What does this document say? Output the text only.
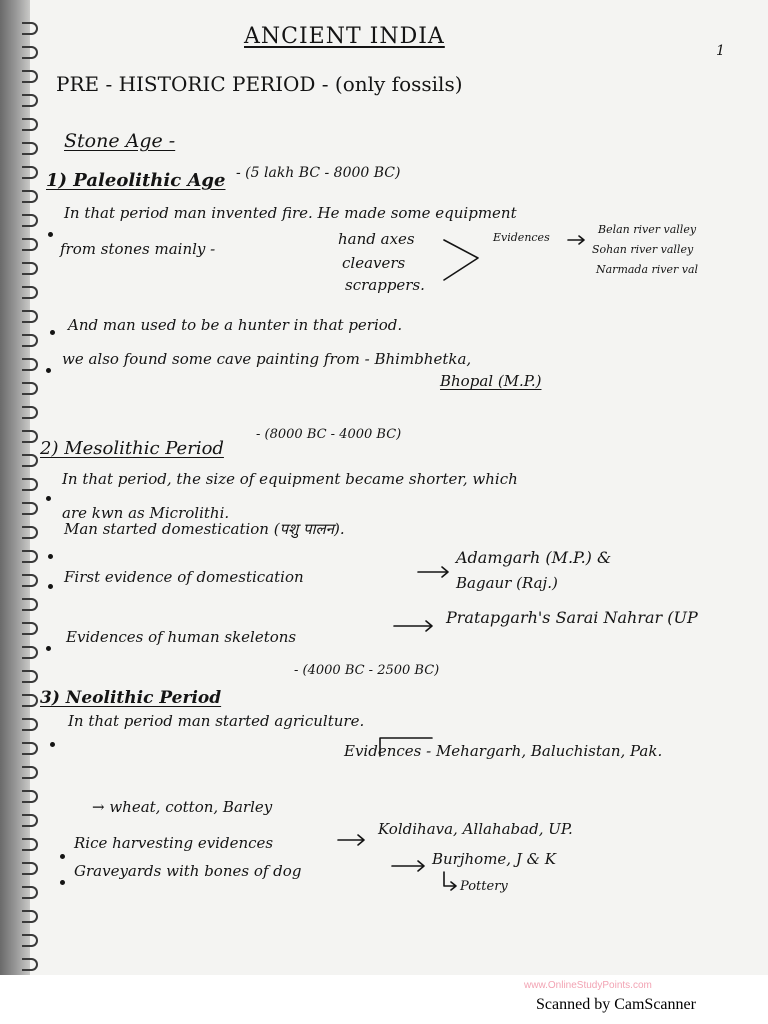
ANCIENT INDIA
1
PRE - HISTORIC PERIOD - (only fossils)
Stone Age -
1) Paleolithic Age - (5 lakh BC - 8000 BC)
In that period man invented fire. He made some equipment
from stones mainly -
hand axes
cleavers
scrappers.
Evidences
Belan river valley
Sohan river valley
Narmada river val
And man used to be a hunter in that period.
we also found some cave painting from - Bhimbhetka,
Bhopal (M.P.)
2) Mesolithic Period
- (8000 BC - 4000 BC)
In that period, the size of equipment became shorter, which
are kwn as Microlithi.
Man started domestication (पशु पालन).
First evidence of domestication
Adamgarh (M.P.) &
Bagaur (Raj.)
Evidences of human skeletons
Pratapgarh's Sarai Nahrar (UP
3) Neolithic Period
- (4000 BC - 2500 BC)
In that period man started agriculture.
Evidences - Mehargarh, Baluchistan, Pak.
→ wheat, cotton, Barley
Rice harvesting evidences
Koldihava, Allahabad, UP.
Graveyards with bones of dog
Burjhome, J & K
Pottery
www.OnlineStudyPoints.com
Scanned by CamScanner
